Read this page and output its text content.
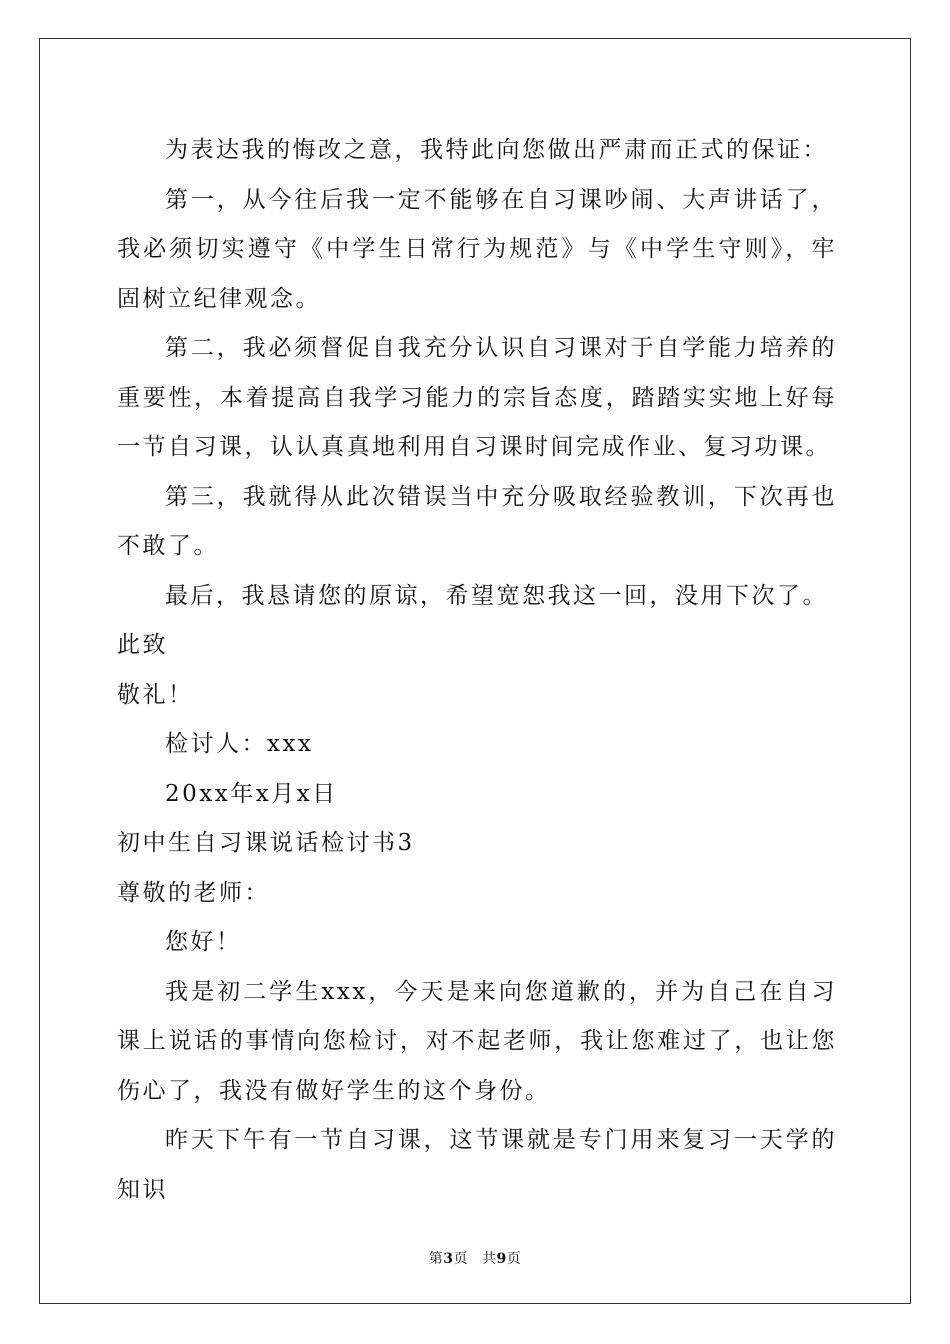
为表达我的悔改之意，我特此向您做出严肃而正式的保证：

第一，从今往后我一定不能够在自习课吵闹、大声讲话了，我必须切实遵守《中学生日常行为规范》与《中学生守则》，牢固树立纪律观念。

第二，我必须督促自我充分认识自习课对于自学能力培养的重要性，本着提高自我学习能力的宗旨态度，踏踏实实地上好每一节自习课，认认真真地利用自习课时间完成作业、复习功课。

第三，我就得从此次错误当中充分吸取经验教训，下次再也不敢了。

最后，我恳请您的原谅，希望宽恕我这一回，没用下次了。

此致

敬礼！

检讨人：xxx

20xx年x月x日

初中生自习课说话检讨书3

尊敬的老师：

您好！

我是初二学生xxx，今天是来向您道歉的，并为自己在自习课上说话的事情向您检讨，对不起老师，我让您难过了，也让您伤心了，我没有做好学生的这个身份。

昨天下午有一节自习课，这节课就是专门用来复习一天学的知识

第3页 共9页
